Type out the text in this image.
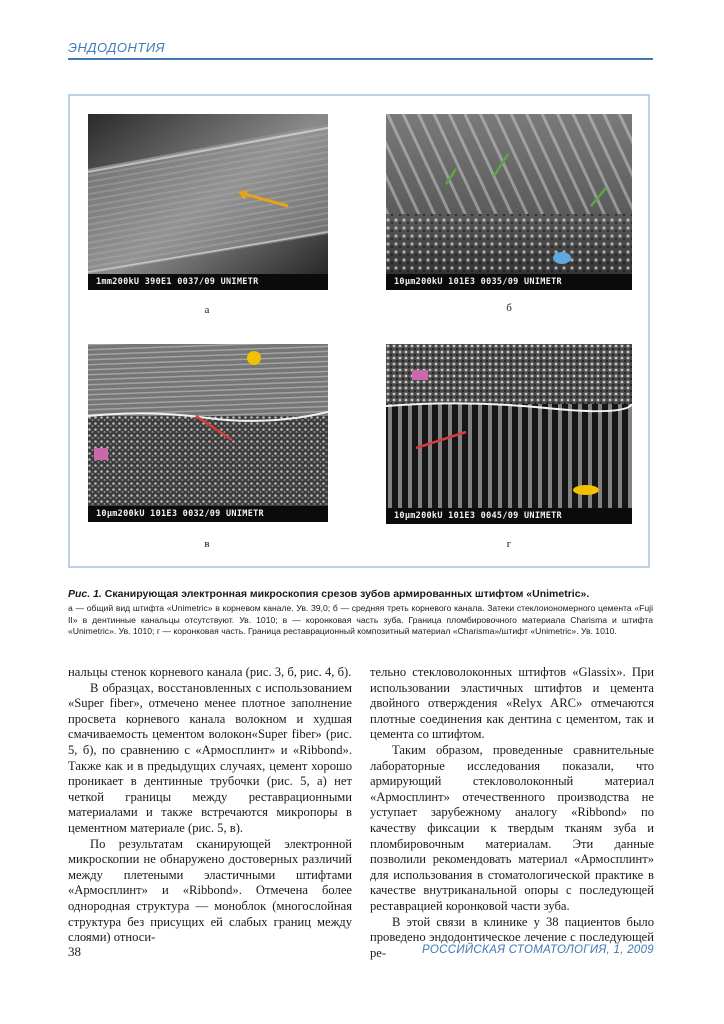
ЭНДОДОНТИЯ
1mm200kU 390E1 0037/09 UNIMETR
а
10µm200kU 101E3 0035/09 UNIMETR
б
10µm200kU 101E3 0032/09 UNIMETR
в
10µm200kU 101E3 0045/09 UNIMETR
г
Рис. 1. Сканирующая электронная микроскопия срезов зубов армированных штифтом «Unimetric».
а — общий вид штифта «Unimetric» в корневом канале. Ув. 39,0; б — средняя треть корневого канала. Затеки стеклоиономерного цемента «Fuji II» в дентинные канальцы отсутствуют. Ув. 1010; в — коронковая часть зуба. Граница пломбировочного материала Charisma и штифта «Unimetric». Ув. 1010; г — коронковая часть. Граница реставрационный композитный материал «Charisma»/штифт «Unimetric». Ув. 1010.

нальцы стенок корневого канала (рис. 3, б, рис. 4, б).

В образцах, восстановленных с использованием «Super fiber», отмечено менее плотное заполнение просвета корневого канала волокном и худшая смачиваемость цементом волокон«Super fiber» (рис. 5, б), по сравнению с «Армосплинт» и «Ribbond». Также как и в предыдущих случаях, цемент хорошо проникает в дентинные трубочки (рис. 5, а) нет четкой границы между реставрационными материалами и также встречаются микропоры в цементном материале (рис. 5, в).

По результатам сканирующей электронной микроскопии не обнаружено достоверных различий между плетеными эластичными штифтами «Армосплинт» и «Ribbond». Отмечена более однородная структура — моноблок (многослойная структура без присущих ей слабых границ между слоями) относи-

тельно стекловолоконных штифтов «Glassix». При использовании эластичных штифтов и цемента двойного отверждения «Relyx ARC» отмечаются плотные соединения как дентина с цементом, так и цемента со штифтом.

Таким образом, проведенные сравнительные лабораторные исследования показали, что армирующий стекловолоконный материал «Армосплинт» отечественного производства не уступает зарубежному аналогу «Ribbond» по качеству фиксации к твердым тканям зуба и пломбировочным материалам. Эти данные позволили рекомендовать материал «Армосплинт» для использования в стоматологической практике в качестве внутриканальной опоры с последующей реставрацией коронковой части зуба.

В этой связи в клинике у 38 пациентов было проведено эндодонтическое лечение с последующей ре-

38	РОССИЙСКАЯ СТОМАТОЛОГИЯ, 1, 2009
